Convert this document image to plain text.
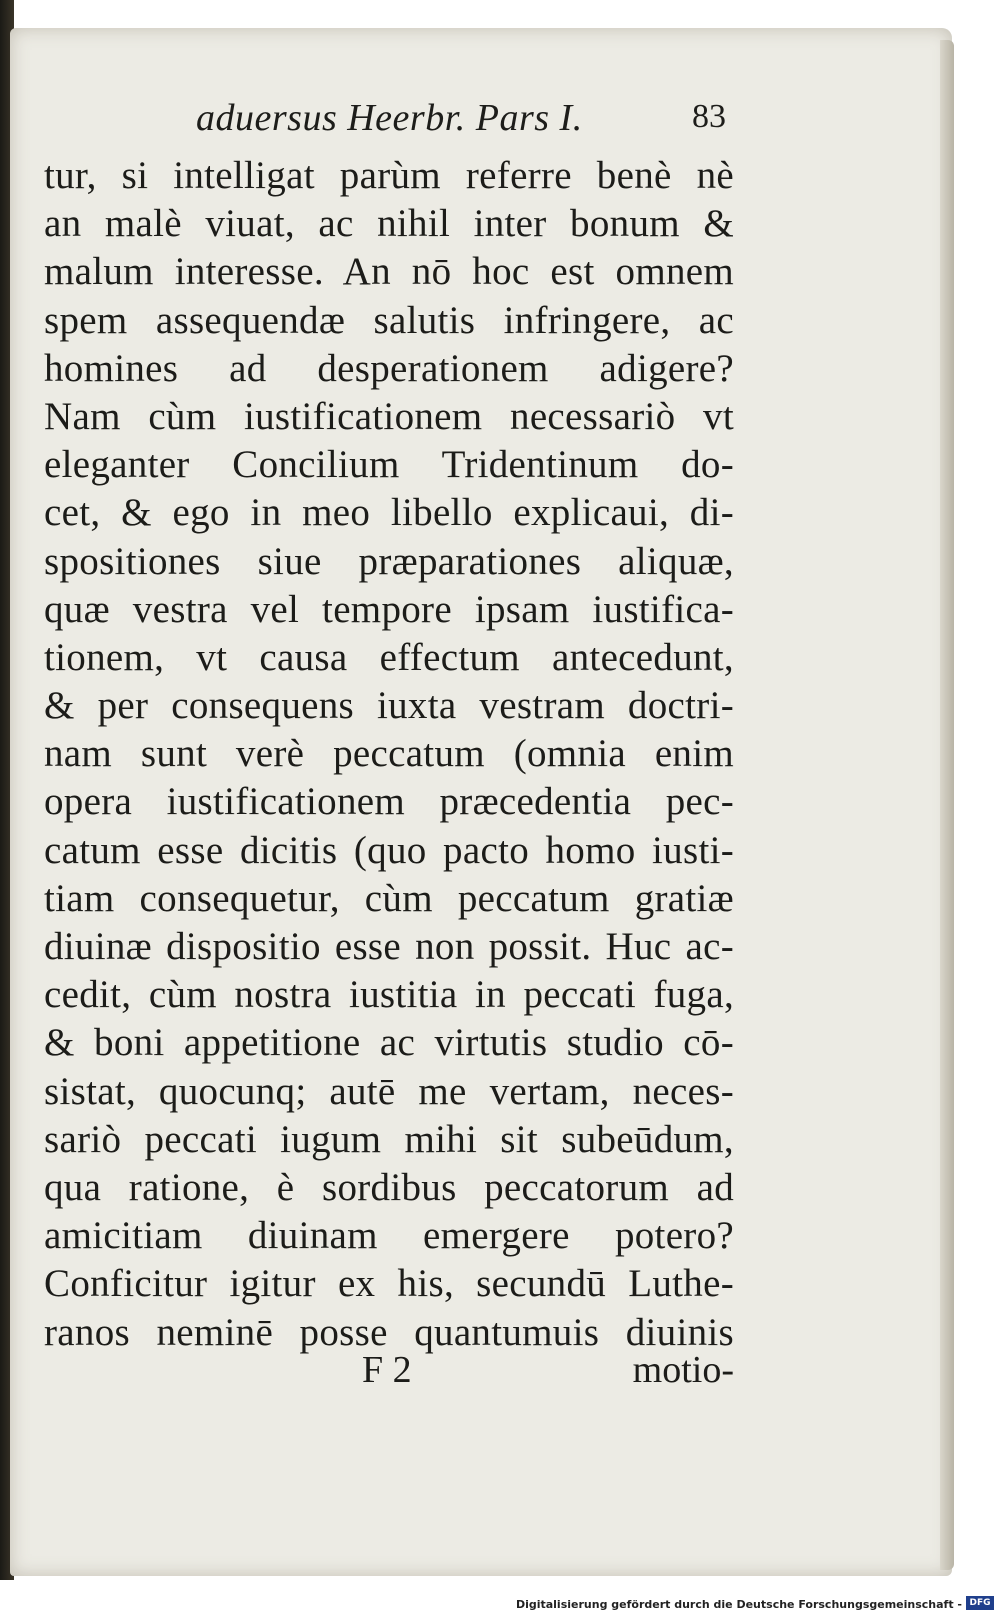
aduersus Heerbr. Pars I.	83
tur, si intelligat parùm referre benè nè
an malè viuat, ac nihil inter bonum &
malum interesse. An nō hoc est omnem
spem assequendæ salutis infringere, ac
homines ad desperationem adigere?
Nam cùm iustificationem necessariò vt
eleganter Concilium Tridentinum do-
cet, & ego in meo libello explicaui, di-
spositiones siue præparationes aliquæ,
quæ vestra vel tempore ipsam iustifica-
tionem, vt causa effectum antecedunt,
& per consequens iuxta vestram doctri-
nam sunt verè peccatum (omnia enim
opera iustificationem præcedentia pec-
catum esse dicitis (quo pacto homo iusti-
tiam consequetur, cùm peccatum gratiæ
diuinæ dispositio esse non possit. Huc ac-
cedit, cùm nostra iustitia in peccati fuga,
& boni appetitione ac virtutis studio cō-
sistat, quocunq; autē me vertam, neces-
sariò peccati iugum mihi sit subeūdum,
qua ratione, è sordibus peccatorum ad
amicitiam diuinam emergere potero?
Conficitur igitur ex his, secundū Luthe-
ranos neminē posse quantumuis diuinis
F 2	motio-
Digitalisierung gefördert durch die Deutsche Forschungsgemeinschaft - DFG
